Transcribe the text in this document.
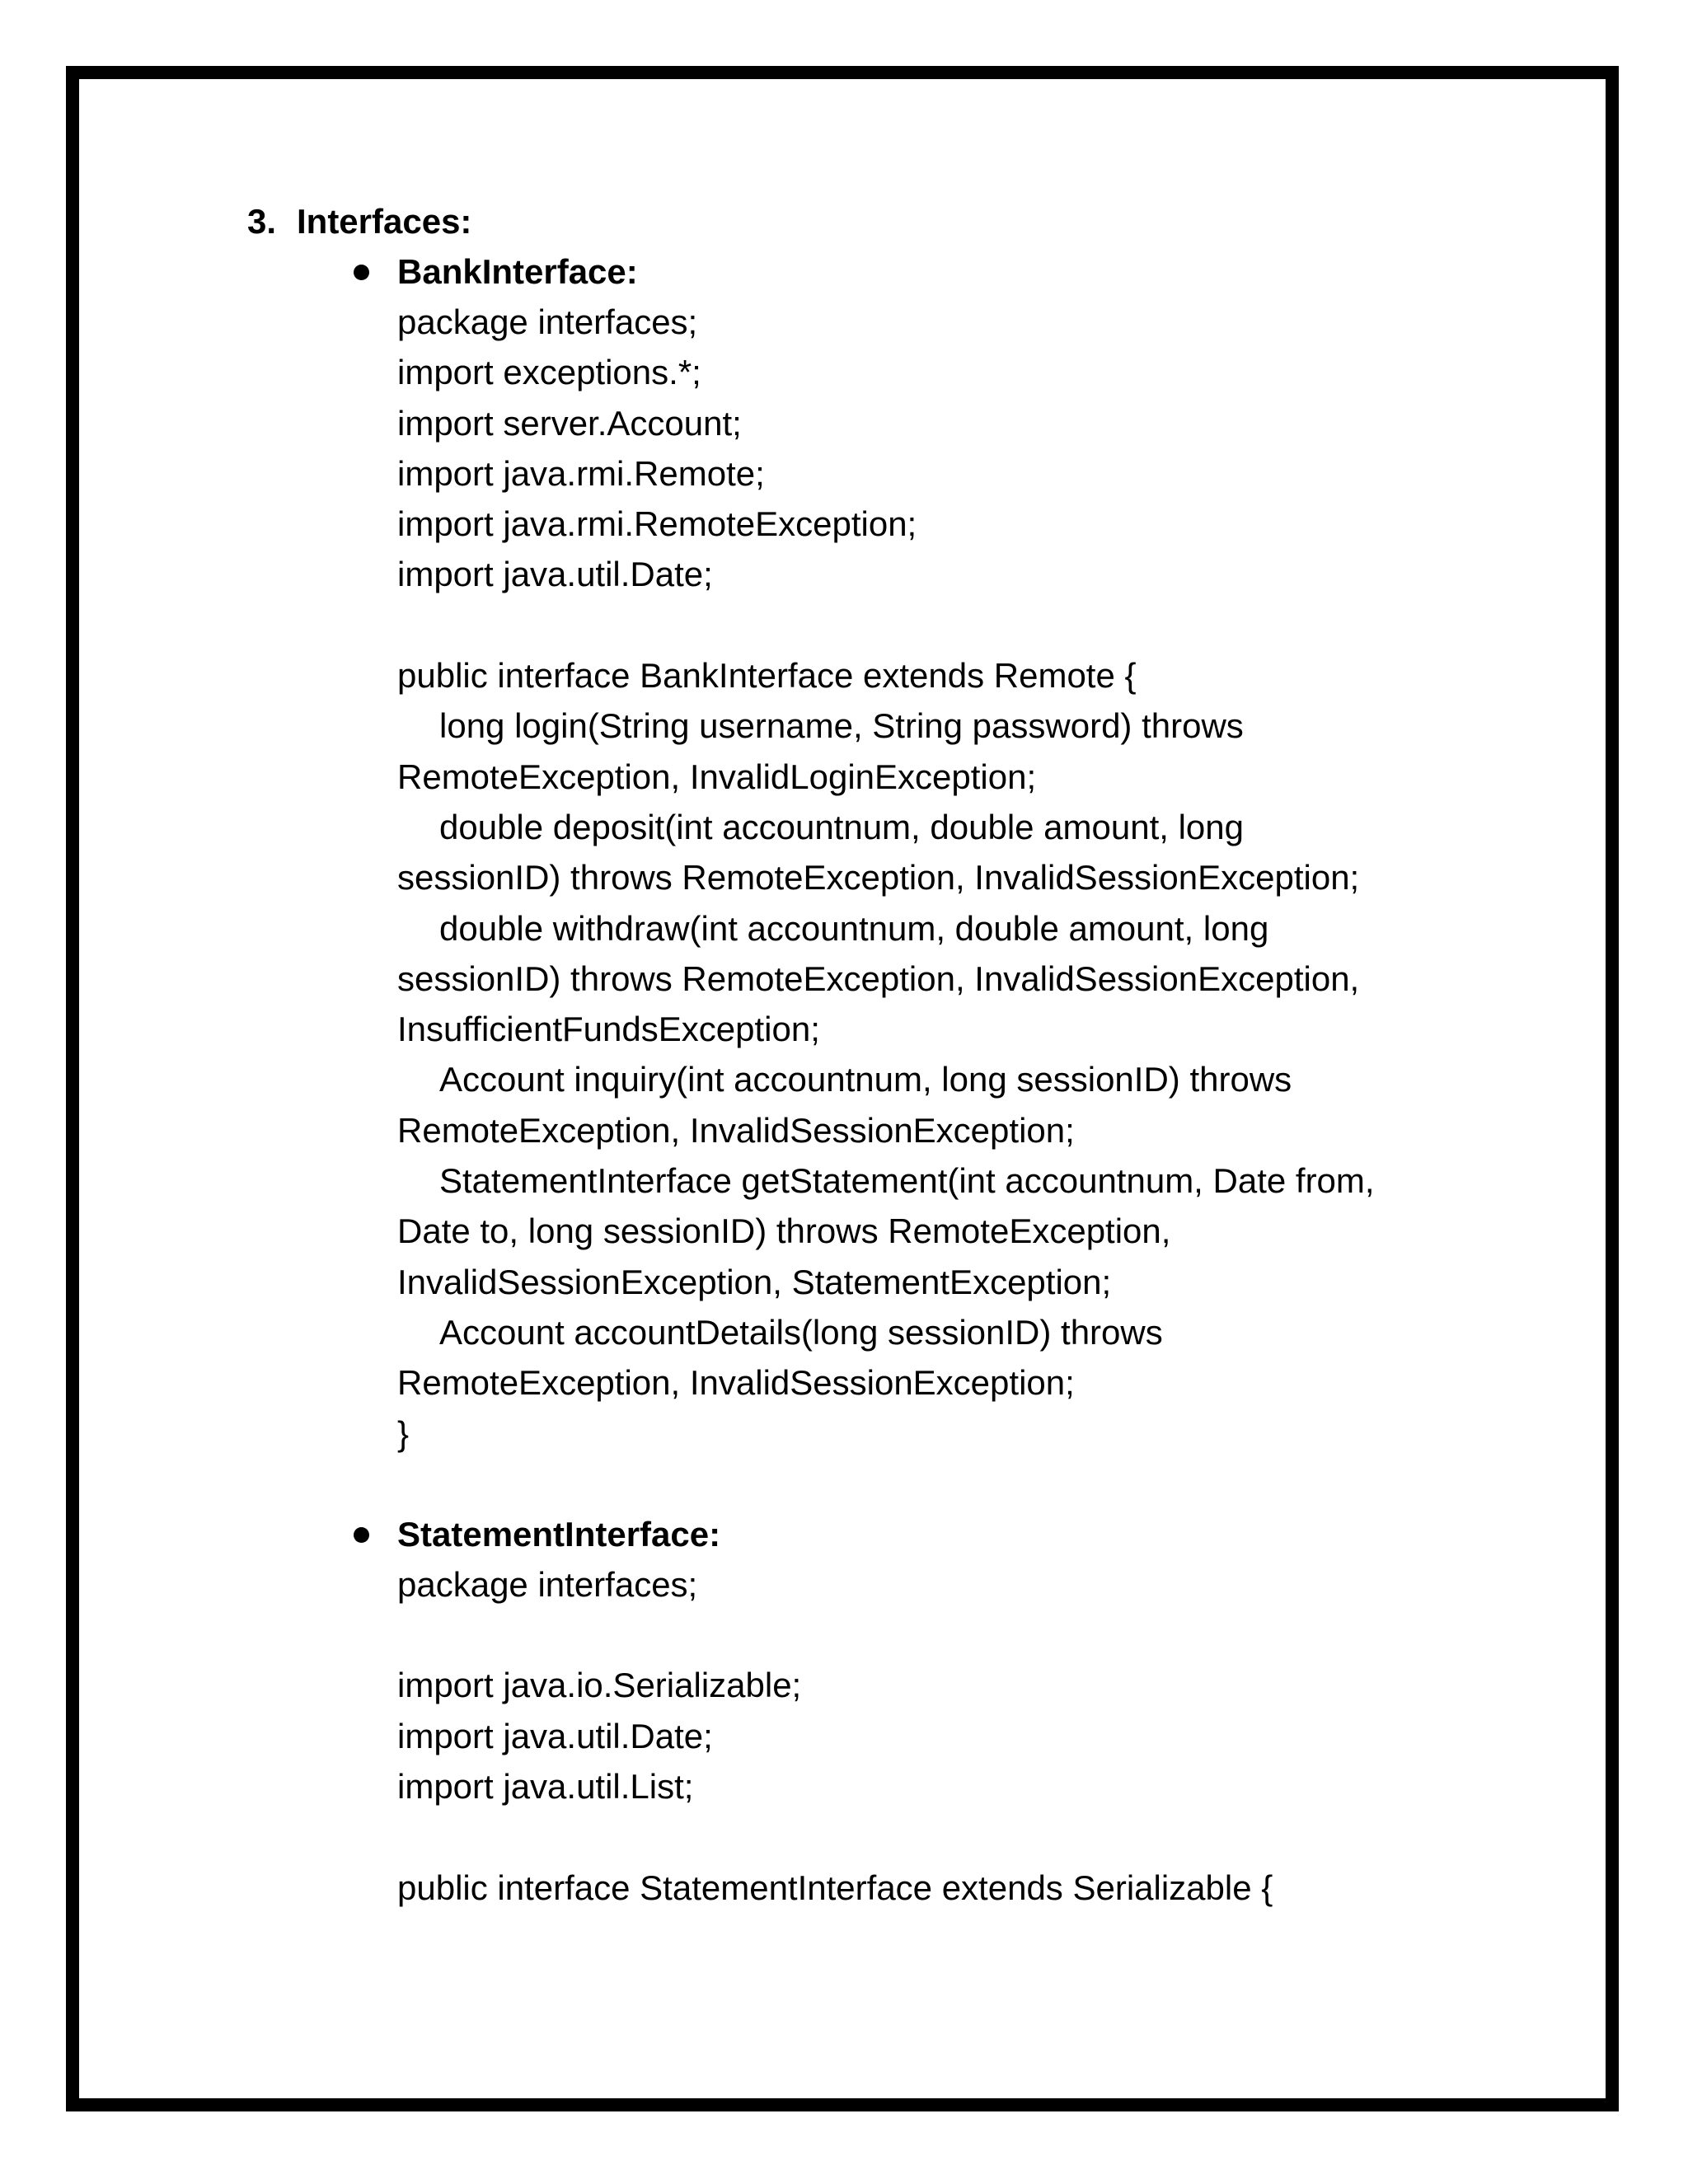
3. Interfaces:
BankInterface:
package interfaces;
import exceptions.*;
import server.Account;
import java.rmi.Remote;
import java.rmi.RemoteException;
import java.util.Date;
public interface BankInterface extends Remote {
long login(String username, String password) throws
RemoteException, InvalidLoginException;
double deposit(int accountnum, double amount, long
sessionID) throws RemoteException, InvalidSessionException;
double withdraw(int accountnum, double amount, long
sessionID) throws RemoteException, InvalidSessionException,
InsufficientFundsException;
Account inquiry(int accountnum, long sessionID) throws
RemoteException, InvalidSessionException;
StatementInterface getStatement(int accountnum, Date from,
Date to, long sessionID) throws RemoteException,
InvalidSessionException, StatementException;
Account accountDetails(long sessionID) throws
RemoteException, InvalidSessionException;
}
StatementInterface:
package interfaces;
import java.io.Serializable;
import java.util.Date;
import java.util.List;
public interface StatementInterface extends Serializable {
